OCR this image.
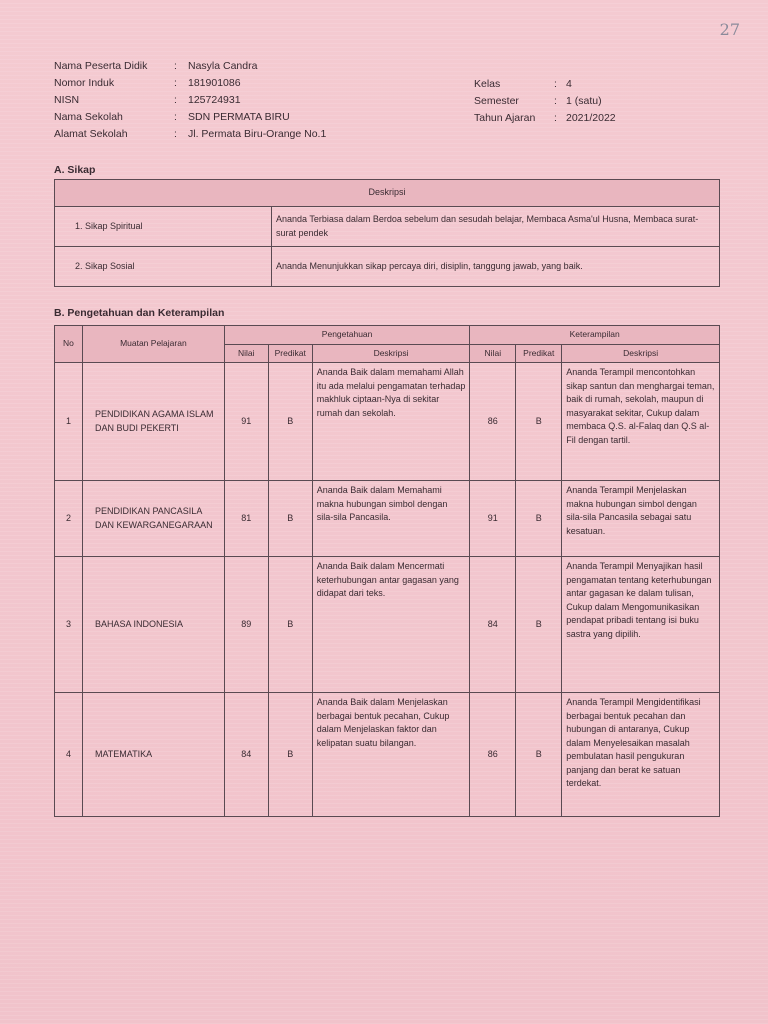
27
Nama Peserta Didik	:	Nasyla Candra
Nomor Induk	:	181901086
NISN	:	125724931
Nama Sekolah	:	SDN PERMATA BIRU
Alamat Sekolah	:	Jl. Permata Biru-Orange No.1
Kelas	: 4
Semester	: 1 (satu)
Tahun Ajaran	: 2021/2022
A. Sikap
Deskripsi	
1. Sikap Spiritual	Ananda Terbiasa dalam Berdoa sebelum dan sesudah belajar, Membaca Asma'ul Husna, Membaca surat-surat pendek
2. Sikap Sosial	Ananda Menunjukkan sikap percaya diri, disiplin, tanggung jawab, yang baik.
B. Pengetahuan dan Keterampilan
No	Muatan Pelajaran	Pengetahuan			Keterampilan		
		Nilai	Predikat	Deskripsi	Nilai	Predikat	Deskripsi
1	PENDIDIKAN AGAMA ISLAM DAN BUDI PEKERTI	91	B	Ananda Baik dalam memahami Allah itu ada melalui pengamatan terhadap makhluk ciptaan-Nya di sekitar rumah dan sekolah.	86	B	Ananda Terampil mencontohkan sikap santun dan menghargai teman, baik di rumah, sekolah, maupun di masyarakat sekitar, Cukup dalam membaca Q.S. al-Falaq dan Q.S al-Fil dengan tartil.
2	PENDIDIKAN PANCASILA DAN KEWARGANEGARAAN	81	B	Ananda Baik dalam Memahami makna hubungan simbol dengan sila-sila Pancasila.	91	B	Ananda Terampil Menjelaskan makna hubungan simbol dengan sila-sila Pancasila sebagai satu kesatuan.
3	BAHASA INDONESIA	89	B	Ananda Baik dalam Mencermati keterhubungan antar gagasan yang didapat dari teks.	84	B	Ananda Terampil Menyajikan hasil pengamatan tentang keterhubungan antar gagasan ke dalam tulisan, Cukup dalam Mengomunikasikan pendapat pribadi tentang isi buku sastra yang dipilih.
4	MATEMATIKA	84	B	Ananda Baik dalam Menjelaskan berbagai bentuk pecahan, Cukup dalam Menjelaskan faktor dan kelipatan suatu bilangan.	86	B	Ananda Terampil Mengidentifikasi berbagai bentuk pecahan dan hubungan di antaranya, Cukup dalam Menyelesaikan masalah pembulatan hasil pengukuran panjang dan berat ke satuan terdekat.
